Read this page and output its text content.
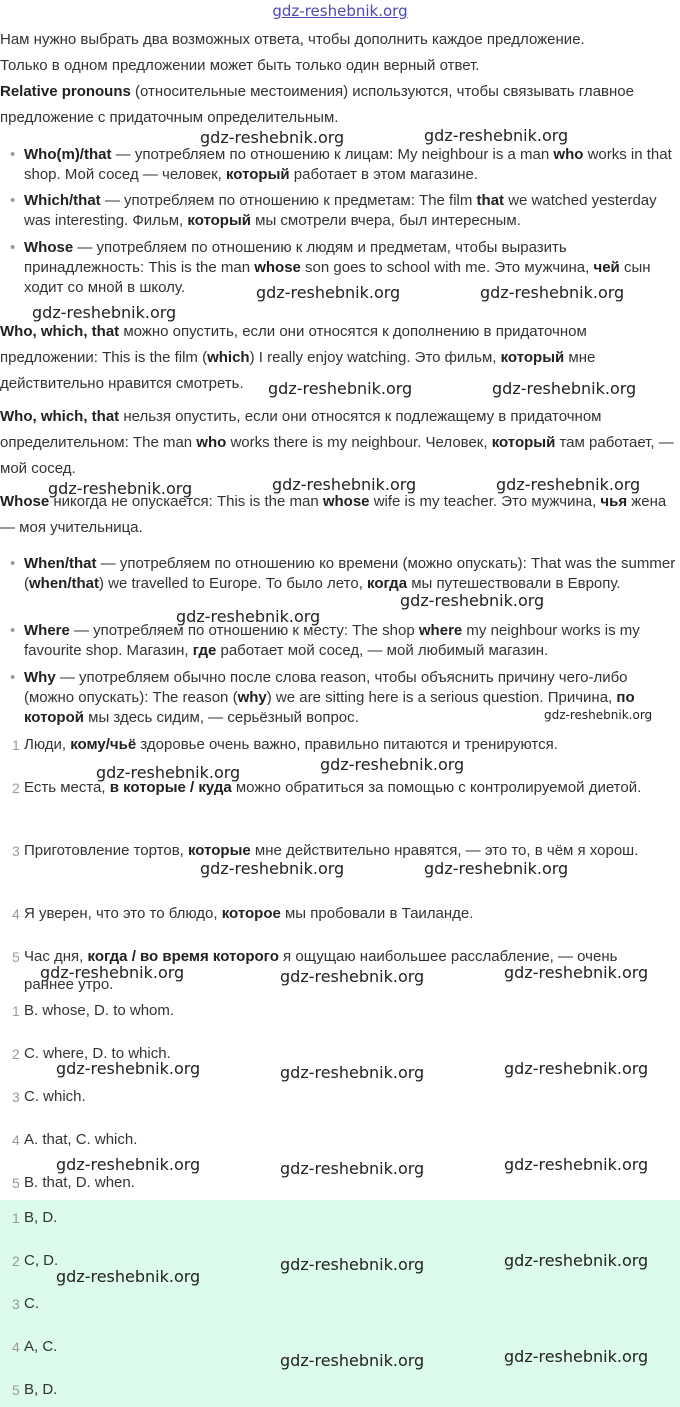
gdz-reshebnik.org

Нам нужно выбрать два возможных ответа, чтобы дополнить каждое предложение.

Только в одном предложении может быть только один верный ответ.

Relative pronouns (относительные местоимения) используются, чтобы связывать главное предложение с придаточным определительным.

• Who(m)/that — употребляем по отношению к лицам: My neighbour is a man who works in that shop. Мой сосед — человек, который работает в этом магазине.

• Which/that — употребляем по отношению к предметам: The film that we watched yesterday was interesting. Фильм, который мы смотрели вчера, был интересным.

• Whose — употребляем по отношению к людям и предметам, чтобы выразить принадлежность: This is the man whose son goes to school with me. Это мужчина, чей сын ходит со мной в школу.

Who, which, that можно опустить, если они относятся к дополнению в придаточном предложении: This is the film (which) I really enjoy watching. Это фильм, который мне действительно нравится смотреть.

Who, which, that нельзя опустить, если они относятся к подлежащему в придаточном определительном: The man who works there is my neighbour. Человек, который там работает, — мой сосед.

Whose никогда не опускается: This is the man whose wife is my teacher. Это мужчина, чья жена — моя учительница.

• When/that — употребляем по отношению ко времени (можно опускать): That was the summer (when/that) we travelled to Europe. То было лето, когда мы путешествовали в Европу.

• Where — употребляем по отношению к месту: The shop where my neighbour works is my favourite shop. Магазин, где работает мой сосед, — мой любимый магазин.

• Why — употребляем обычно после слова reason, чтобы объяснить причину чего-либо (можно опускать): The reason (why) we are sitting here is a serious question. Причина, по которой мы здесь сидим, — серьёзный вопрос.

1 Люди, кому/чьё здоровье очень важно, правильно питаются и тренируются.

2 Есть места, в которые / куда можно обратиться за помощью с контролируемой диетой.

3 Приготовление тортов, которые мне действительно нравятся, — это то, в чём я хорош.

4 Я уверен, что это то блюдо, которое мы пробовали в Таиланде.

5 Час дня, когда / во время которого я ощущаю наибольшее расслабление, — очень раннее утро.

1 B. whose, D. to whom.

2 C. where, D. to which.

3 C. which.

4 A. that, C. which.

5 B. that, D. when.

1 B, D.

2 C, D.

3 C.

4 A, C.

5 B, D.

gdz-reshebnik.org	gdz-reshebnik.org
gdz-reshebnik.org	gdz-reshebnik.org
gdz-reshebnik.org
gdz-reshebnik.org	gdz-reshebnik.org
gdz-reshebnik.org	gdz-reshebnik.org
gdz-reshebnik.org
gdz-reshebnik.org
gdz-reshebnik.org
gdz-reshebnik.org
gdz-reshebnik.org
gdz-reshebnik.org
gdz-reshebnik.org	gdz-reshebnik.org
gdz-reshebnik.org	gdz-reshebnik.org	gdz-reshebnik.org
gdz-reshebnik.org	gdz-reshebnik.org	gdz-reshebnik.org
gdz-reshebnik.org	gdz-reshebnik.org	gdz-reshebnik.org
gdz-reshebnik.org	gdz-reshebnik.org
gdz-reshebnik.org
gdz-reshebnik.org	gdz-reshebnik.org
